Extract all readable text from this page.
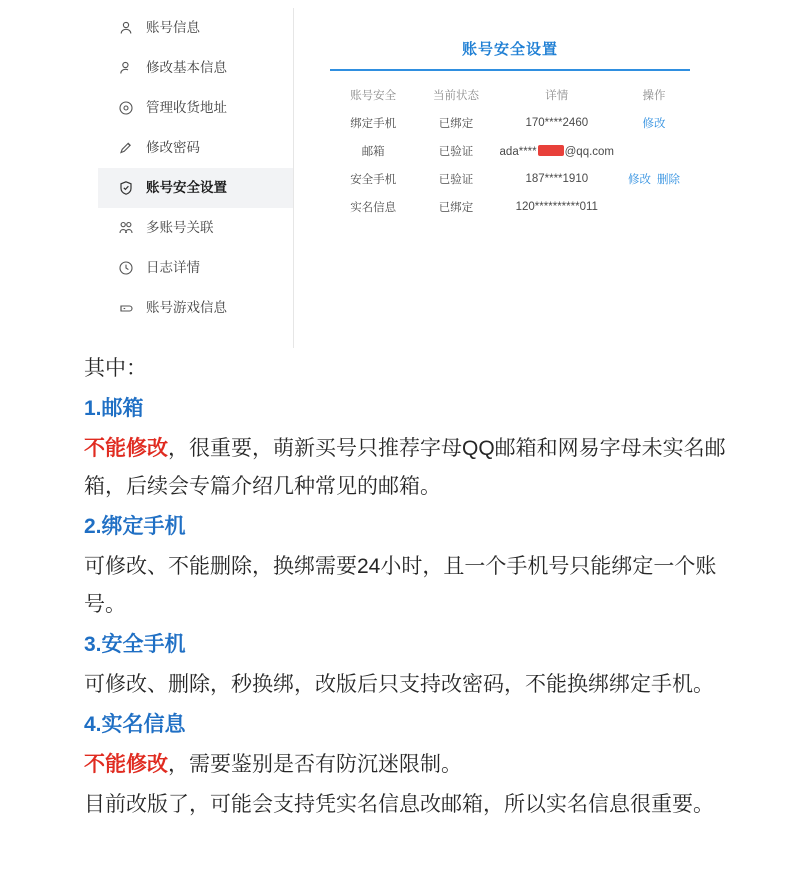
账号信息
修改基本信息
管理收货地址
修改密码
账号安全设置
多账号关联
日志详情
账号游戏信息
账号安全设置
账号安全	当前状态	详情	操作
绑定手机	已绑定	170****2460	修改
邮箱	已验证	ada**** @qq.com	
安全手机	已验证	187****1910	修改 删除
实名信息	已绑定	120**********011	

其中：

1.邮箱

不能修改，很重要，萌新买号只推荐字母QQ邮箱和网易字母未实名邮箱，后续会专篇介绍几种常见的邮箱。

2.绑定手机

可修改、不能删除，换绑需要24小时，且一个手机号只能绑定一个账号。

3.安全手机

可修改、删除，秒换绑，改版后只支持改密码，不能换绑绑定手机。

4.实名信息

不能修改，需要鉴别是否有防沉迷限制。

目前改版了，可能会支持凭实名信息改邮箱，所以实名信息很重要。
